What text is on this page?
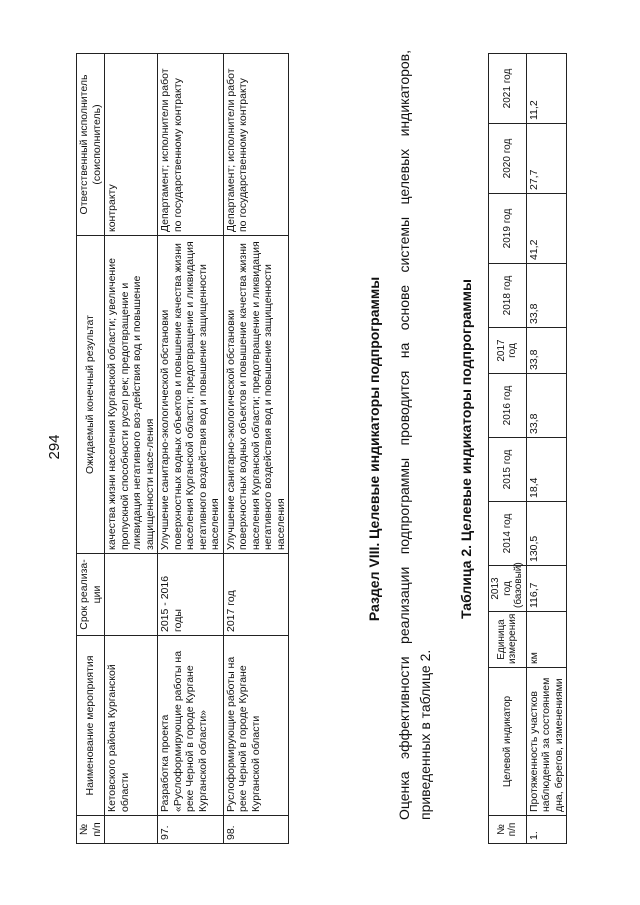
294
№ п/п	Наименование мероприятия	Срок реализа-ции	Ожидаемый конечный результат	Ответственный исполнитель (соисполнитель)
	Кетовского района Курганской области		качества жизни населения Курганской области; увеличение пропускной способности русел рек; предотвращение и ликвидация негативного воз-действия вод и повышение защищенности насе-ления	контракту
97.	Разработка проекта «Руслоформирующие работы на реке Черной в городе Кургане Курганской области»	2015 - 2016 годы	Улучшение санитарно-экологической обстановки поверхностных водных объектов и повышение качества жизни населения Курганской области; предотвращение и ликвидация негативного воздействия вод и повышение защищенности населения	Департамент; исполнители работ по государственному контракту
98.	Руслоформирующие работы на реке Черной в городе Кургане Курганской области	2017 год	Улучшение санитарно-экологической обстановки поверхностных водных объектов и повышение качества жизни населения Курганской области; предотвращение и ликвидация негативного воздействия вод и повышение защищенности населения	Департамент; исполнители работ по государственному контракту
Раздел VIII. Целевые индикаторы подпрограммы Оценка эффективности реализации подпрограммы проводится на основе системы целевых индикаторов, приведенных в таблице 2.
Таблица 2. Целевые индикаторы подпрограммы
№ п/п	Целевой индикатор	Единица измерения	2013 год (базовый)	2014 год	2015 год	2016 год	2017 год	2018 год	2019 год	2020 год	2021 год
1.	Протяженность участков наблюдений за состоянием дна, берегов, изменениями	км	116,7	130,5	18,4	33,8	33,8	33,8	41,2	27,7	11,2
